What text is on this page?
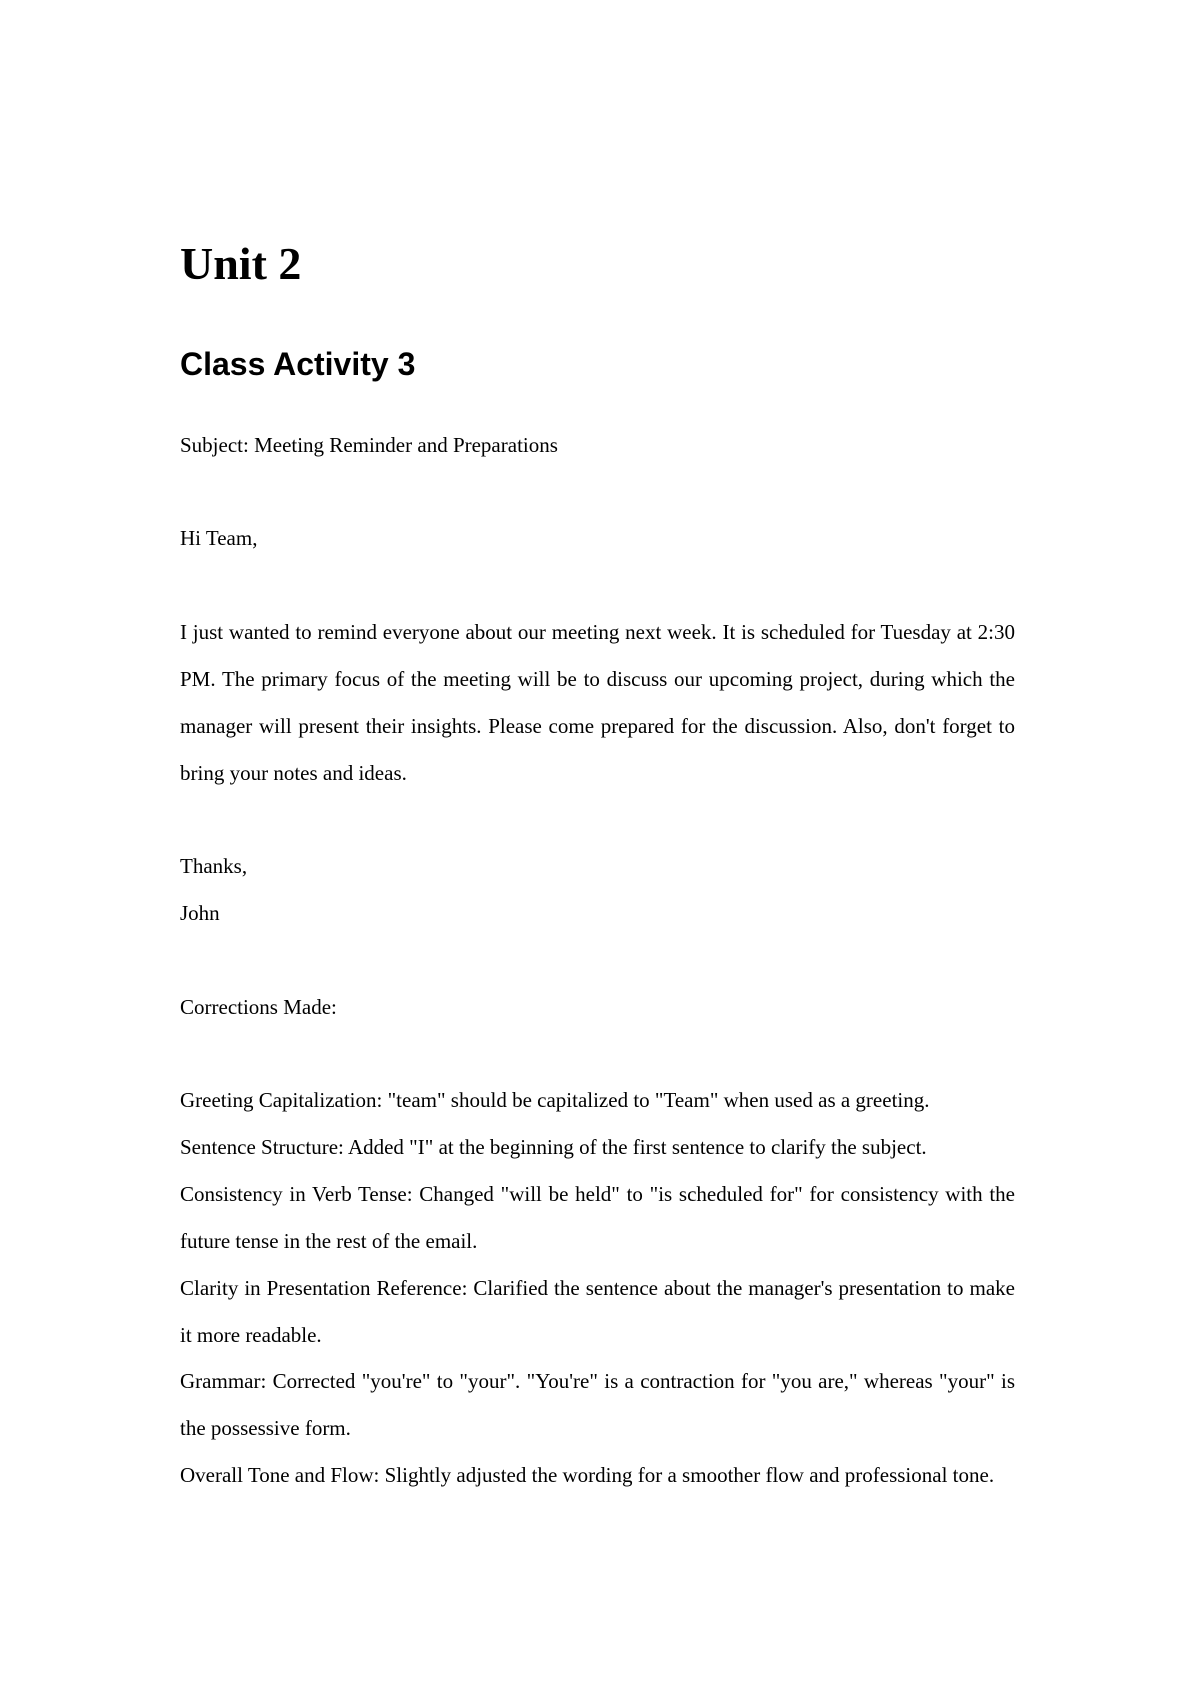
Unit 2
Class Activity 3

Subject: Meeting Reminder and Preparations

Hi Team,

I just wanted to remind everyone about our meeting next week. It is scheduled for Tuesday at 2:30 PM. The primary focus of the meeting will be to discuss our upcoming project, during which the manager will present their insights. Please come prepared for the discussion. Also, don't forget to bring your notes and ideas.

Thanks,

John

Corrections Made:

Greeting Capitalization: "team" should be capitalized to "Team" when used as a greeting.

Sentence Structure: Added "I" at the beginning of the first sentence to clarify the subject.

Consistency in Verb Tense: Changed "will be held" to "is scheduled for" for consistency with the future tense in the rest of the email.

Clarity in Presentation Reference: Clarified the sentence about the manager's presentation to make it more readable.

Grammar: Corrected "you're" to "your". "You're" is a contraction for "you are," whereas "your" is the possessive form.

Overall Tone and Flow: Slightly adjusted the wording for a smoother flow and professional tone.
